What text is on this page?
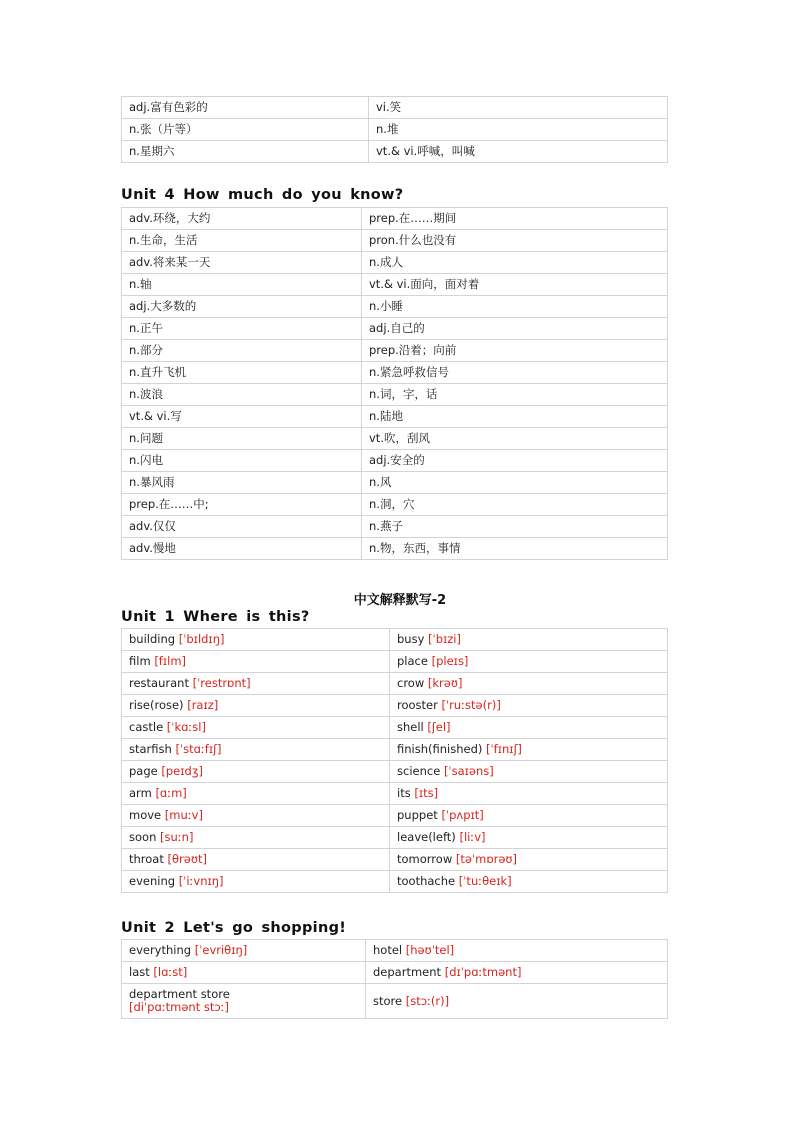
adj.富有色彩的	vi.笑
n.张（片等）	n.堆
n.星期六	vt.& vi.呼喊，叫喊
Unit 4 How much do you know?
adv.环绕，大约	prep.在……期间
n.生命，生活	pron.什么也没有
adv.将来某一天	n.成人
n.轴	vt.& vi.面向，面对着
adj.大多数的	n.小睡
n.正午	adj.自己的
n.部分	prep.沿着；向前
n.直升飞机	n.紧急呼救信号
n.波浪	n.词，字，话
vt.& vi.写	n.陆地
n.问题	vt.吹，刮风
n.闪电	adj.安全的
n.暴风雨	n.风
prep.在……中;	n.洞，穴
adv.仅仅	n.燕子
adv.慢地	n.物，东西，事情
中文解释默写-2
Unit 1 Where is this?
building [ˈbɪldɪŋ]	busy [ˈbɪzi]
film [fɪlm]	place [pleɪs]
restaurant [ˈrestrɒnt]	crow [krəʊ]
rise(rose) [raɪz]	rooster [ˈruːstə(r)]
castle [ˈkɑːsl]	shell [ʃel]
starfish [ˈstɑːfɪʃ]	finish(finished) [ˈfɪnɪʃ]
page [peɪdʒ]	science [ˈsaɪəns]
arm [ɑːm]	its [ɪts]
move [muːv]	puppet [ˈpʌpɪt]
soon [suːn]	leave(left) [liːv]
throat [θrəʊt]	tomorrow [təˈmɒrəʊ]
evening [ˈiːvnɪŋ]	toothache [ˈtuːθeɪk]
Unit 2 Let's go shopping!
everything [ˈevriθɪŋ]	hotel [həʊˈtel]
last [lɑːst]	department [dɪˈpɑːtmənt]
department store
[diˈpɑːtmənt stɔː]	store [stɔː(r)]
